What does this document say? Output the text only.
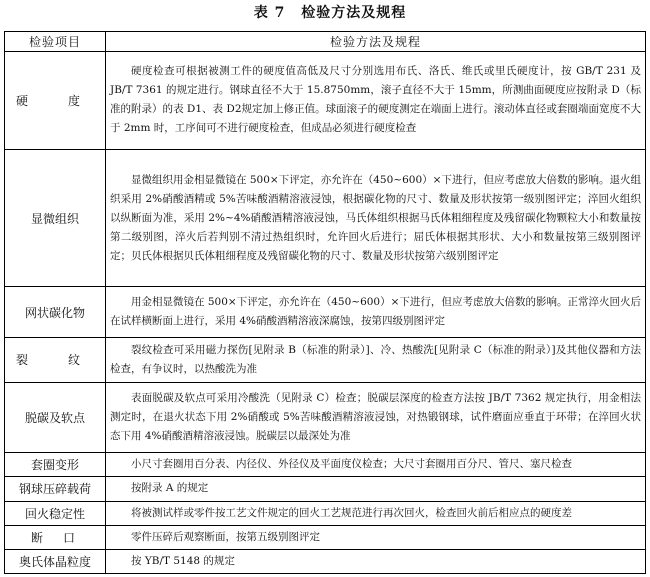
表 7 检验方法及规程
检验项目	检验方法及规程
硬　度	硬度检查可根据被测工件的硬度值高低及尺寸分别选用布氏、洛氏、维氏或里氏硬度计，按 GB/T 231 及 JB/T 7361 的规定进行。钢球直径不大于 15.8750mm，滚子直径不大于 15mm，所测曲面硬度应按附录 D（标准的附录）的表 D1、表 D2规定加上修正值。球面滚子的硬度测定在端面上进行。滚动体直径或套圈端面宽度不大于 2mm 时，工序间可不进行硬度检查，但成品必须进行硬度检查
显微组织	显微组织用金相显微镜在 500×下评定，亦允许在（450~600）×下进行，但应考虑放大倍数的影响。退火组织采用 2%硝酸酒精或 5%苦味酸酒精溶液浸蚀，根据碳化物的尺寸、数量及形状按第一级别图评定；淬回火组织以纵断面为准，采用 2%~4%硝酸酒精溶液浸蚀，马氏体组织根据马氏体粗细程度及残留碳化物颗粒大小和数量按第二级别图，淬火后若判别不清过热组织时，允许回火后进行；屈氏体根据其形状、大小和数量按第三级别图评定；贝氏体根据贝氏体粗细程度及残留碳化物的尺寸、数量及形状按第六级别图评定
网状碳化物	用金相显微镜在 500×下评定，亦允许在（450~600）×下进行，但应考虑放大倍数的影响。正常淬火回火后在试样横断面上进行，采用 4%硝酸酒精溶液深腐蚀，按第四级别图评定
裂　纹	裂纹检查可采用磁力探伤[见附录 B（标准的附录）]、冷、热酸洗[见附录 C（标准的附录）]及其他仪器和方法检查，有争议时，以热酸洗为准
脱碳及软点	表面脱碳及软点可采用冷酸洗（见附录 C）检查；脱碳层深度的检查方法按 JB/T 7362 规定执行，用金相法测定时，在退火状态下用 2%硝酸或 5%苦味酸酒精溶液浸蚀，对热锻钢球，试件磨面应垂直于环带；在淬回火状态下用 4%硝酸酒精溶液浸蚀。脱碳层以最深处为准
套圈变形	小尺寸套圈用百分表、内径仪、外径仪及平面度仪检查；大尺寸套圈用百分尺、管尺、塞尺检查
钢球压碎载荷	按附录 A 的规定
回火稳定性	将被测试样或零件按工艺文件规定的回火工艺规范进行再次回火，检查回火前后相应点的硬度差
断　口	零件压碎后观察断面，按第五级别图评定
奥氏体晶粒度	按 YB/T 5148 的规定
